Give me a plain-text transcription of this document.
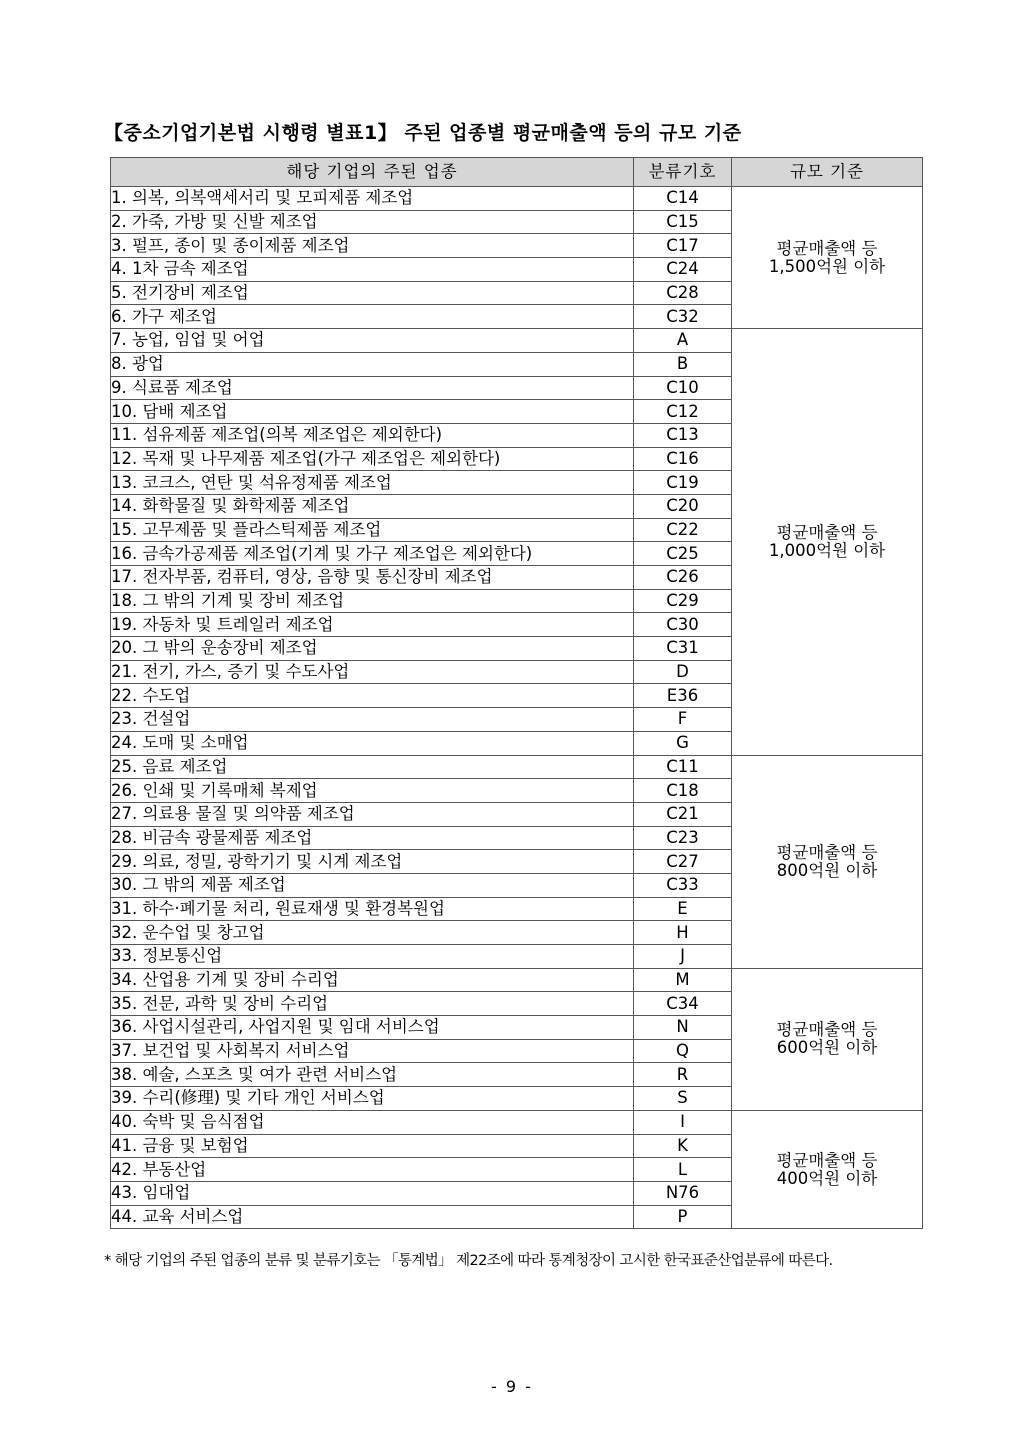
【중소기업기본법 시행령 별표1】 주된 업종별 평균매출액 등의 규모 기준
해당 기업의 주된 업종	분류기호	규모 기준
1. 의복, 의복액세서리 및 모피제품 제조업	C14	평균매출액 등
1,500억원 이하

2. 가죽, 가방 및 신발 제조업	C15	
3. 펄프, 종이 및 종이제품 제조업	C17	
4. 1차 금속 제조업	C24	
5. 전기장비 제조업	C28	
6. 가구 제조업	C32	
7. 농업, 임업 및 어업	A	평균매출액 등
1,000억원 이하

8. 광업	B	
9. 식료품 제조업	C10	
10. 담배 제조업	C12	
11. 섬유제품 제조업(의복 제조업은 제외한다)	C13	
12. 목재 및 나무제품 제조업(가구 제조업은 제외한다)	C16	
13. 코크스, 연탄 및 석유정제품 제조업	C19	
14. 화학물질 및 화학제품 제조업	C20	
15. 고무제품 및 플라스틱제품 제조업	C22	
16. 금속가공제품 제조업(기계 및 가구 제조업은 제외한다)	C25	
17. 전자부품, 컴퓨터, 영상, 음향 및 통신장비 제조업	C26	
18. 그 밖의 기계 및 장비 제조업	C29	
19. 자동차 및 트레일러 제조업	C30	
20. 그 밖의 운송장비 제조업	C31	
21. 전기, 가스, 증기 및 수도사업	D	
22. 수도업	E36	
23. 건설업	F	
24. 도매 및 소매업	G	
25. 음료 제조업	C11	평균매출액 등
800억원 이하

26. 인쇄 및 기록매체 복제업	C18	
27. 의료용 물질 및 의약품 제조업	C21	
28. 비금속 광물제품 제조업	C23	
29. 의료, 정밀, 광학기기 및 시계 제조업	C27	
30. 그 밖의 제품 제조업	C33	
31. 하수·폐기물 처리, 원료재생 및 환경복원업	E	
32. 운수업 및 창고업	H	
33. 정보통신업	J	
34. 산업용 기계 및 장비 수리업	M	평균매출액 등
600억원 이하

35. 전문, 과학 및 장비 수리업	C34	
36. 사업시설관리, 사업지원 및 임대 서비스업	N	
37. 보건업 및 사회복지 서비스업	Q	
38. 예술, 스포츠 및 여가 관련 서비스업	R	
39. 수리(修理) 및 기타 개인 서비스업	S	
40. 숙박 및 음식점업	I	평균매출액 등
400억원 이하

41. 금융 및 보험업	K	
42. 부동산업	L	
43. 임대업	N76	
44. 교육 서비스업	P	
* 해당 기업의 주된 업종의 분류 및 분류기호는 「통계법」 제22조에 따라 통계청장이 고시한 한국표준산업분류에 따른다.
- 9 -
